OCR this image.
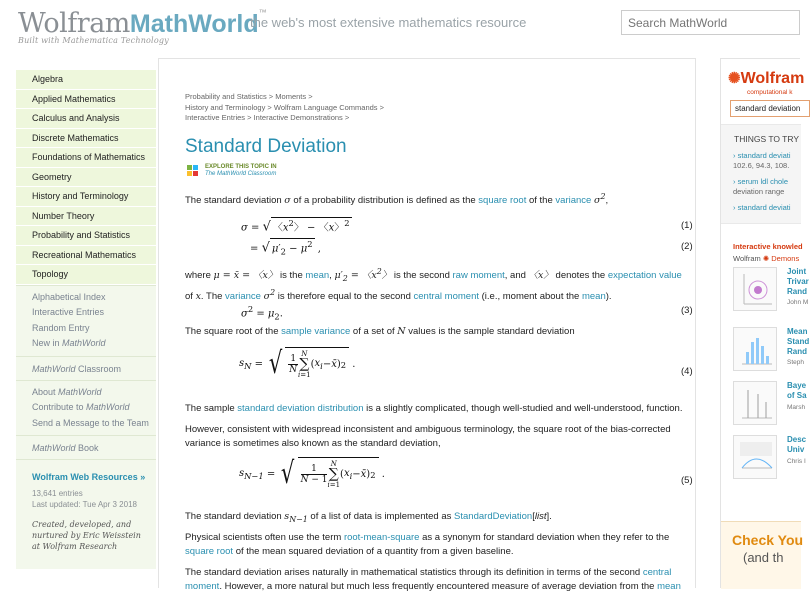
WolframMathWorld™
Built with Mathematica Technology
the web's most extensive mathematics resource
Search MathWorld
Algebra
Applied Mathematics
Calculus and Analysis
Discrete Mathematics
Foundations of Mathematics
Geometry
History and Terminology
Number Theory
Probability and Statistics
Recreational Mathematics
Topology
Alphabetical Index
Interactive Entries
Random Entry
New in MathWorld
MathWorld Classroom
About MathWorld
Contribute to MathWorld
Send a Message to the Team
MathWorld Book
Wolfram Web Resources »
13,641 entries
Last updated: Tue Apr 3 2018
Created, developed, and
nurtured by Eric Weisstein
at Wolfram Research
Probability and Statistics > Moments >
History and Terminology > Wolfram Language Commands >
Interactive Entries > Interactive Demonstrations >
Standard Deviation
EXPLORE THIS TOPIC IN
The MathWorld Classroom
The standard deviation σ of a probability distribution is defined as the square root of the variance $\sigma^2$,
σ = √ 〈$x^2$〉 − 〈x〉$^2$	(1)
= √ $\mu'_2 - \mu^2$ ,	(2)
where μ = x̄ = 〈x〉 is the mean, $\mu'_2$ = 〈$x^2$〉 is the second raw moment, and 〈x〉 denotes the expectation value of x. The variance $\sigma^2$ is therefore equal to the second central moment (i.e., moment about the mean).
$\sigma^2 = \mu_2$.	(3)
The square root of the sample variance of a set of N values is the sample standard deviation
$s_N$ = √ $\frac{1}{N}$ N
∑
i=1
( $x_i$ − x̄ ) 2 .
(4)
The sample standard deviation distribution is a slightly complicated, though well-studied and well-understood, function.
However, consistent with widespread inconsistent and ambiguous terminology, the square root of the bias-corrected variance is sometimes also known as the standard deviation,
$s_{N-1}$ = √	1
N − 1
N
∑
i=1
( $x_i$ − x̄ ) 2 .
(5)
The standard deviation $s_{N-1}$ of a list of data is implemented as StandardDeviation[list].
Physical scientists often use the term root-mean-square as a synonym for standard deviation when they refer to the square root of the mean squared deviation of a quantity from a given baseline.
The standard deviation arises naturally in mathematical statistics through its definition in terms of the second central moment. However, a more natural but much less frequently encountered measure of average deviation from the mean
✺Wolfram
computational k
standard deviation
THINGS TO TRY
› standard deviati
102.6, 94.3, 108.
› serum ldl chole
deviation range
› standard deviati
Interactive knowled
Wolfram ✺ Demons
Joint
Trivar
Rand
John M
Mean
Stand
Rand
Steph
Baye
of Sa
Marsh
Desc
Univ
Chris I
Check You
(and th
